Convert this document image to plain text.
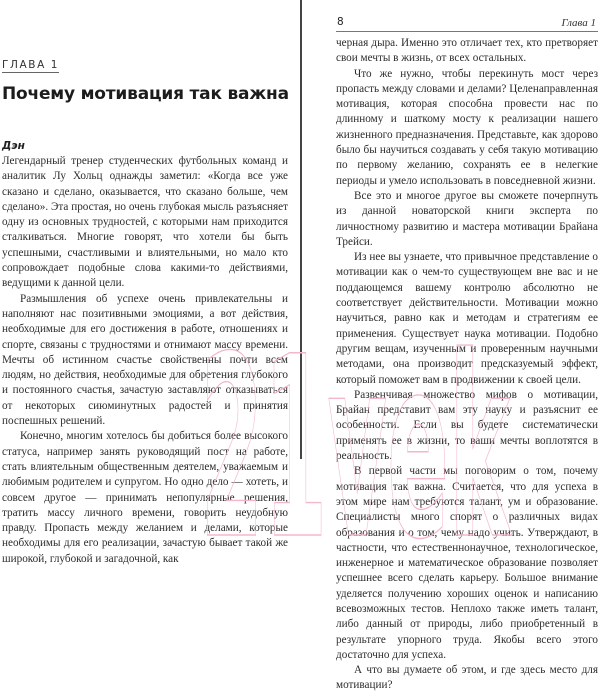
ГЛАВА 1
Почему мотивация так важна
Дэн

Легендарный тренер студенческих футбольных команд и аналитик Лу Хольц однажды заметил: «Когда все уже сказано и сделано, оказывается, что сказано больше, чем сделано». Эта простая, но очень глубокая мысль разъясняет одну из основных трудностей, с которыми нам приходится сталкиваться. Многие говорят, что хотели бы быть успешными, счастливыми и влиятельными, но мало кто сопровождает подобные слова какими-то действиями, ведущими к данной цели.

Размышления об успехе очень привлекательны и наполняют нас позитивными эмоциями, а вот действия, необходимые для его достижения в работе, отношениях и спорте, связаны с трудностями и отнимают массу времени. Мечты об истинном счастье свойственны почти всем людям, но действия, необходимые для обретения глубокого и постоянного счастья, зачастую заставляют отказываться от некоторых сиюминутных радостей и принятия поспешных решений.

Конечно, многим хотелось бы добиться более высокого статуса, например занять руководящий пост на работе, стать влиятельным общественным деятелем, уважаемым и любимым родителем и супругом. Но одно дело — хотеть, и совсем другое — принимать непопулярные решения, тратить массу личного времени, говорить неудобную правду. Пропасть между желанием и делами, которые необходимы для его реализации, зачастую бывает такой же широкой, глубокой и загадочной, как

8	Глава 1

черная дыра. Именно это отличает тех, кто претворяет свои мечты в жизнь, от всех остальных.

Что же нужно, чтобы перекинуть мост через пропасть между словами и делами? Целенаправленная мотивация, которая способна провести нас по длинному и шаткому мосту к реализации нашего жизненного предназначения. Представьте, как здорово было бы научиться создавать у себя такую мотивацию по первому желанию, сохранять ее в нелегкие периоды и умело использовать в повседневной жизни.

Все это и многое другое вы сможете почерпнуть из данной новаторской книги эксперта по личностному развитию и мастера мотивации Брайана Трейси.

Из нее вы узнаете, что привычное представление о мотивации как о чем-то существующем вне вас и не поддающемся вашему контролю абсолютно не соответствует действительности. Мотивации можно научиться, равно как и методам и стратегиям ее применения. Существует наука мотивации. Подобно другим вещам, изученным и проверенным научными методами, она производит предсказуемый эффект, который поможет вам в продвижении к своей цели.

Развенчивая множество мифов о мотивации, Брайан представит вам эту науку и разъяснит ее особенности. Если вы будете систематически применять ее в жизни, то ваши мечты воплотятся в реальность.

В первой части мы поговорим о том, почему мотивация так важна. Считается, что для успеха в этом мире нам требуются талант, ум и образование. Специалисты много спорят о различных видах образования и о том, чему надо учить. Утверждают, в частности, что естественнонаучное, технологическое, инженерное и математическое образование позволяет успешнее всего сделать карьеру. Большое внимание уделяется получению хороших оценок и написанию всевозможных тестов. Неплохо также иметь талант, либо данный от природы, либо приобретенный в результате упорного труда. Якобы всего этого достаточно для успеха.

А что вы думаете об этом, и где здесь место для мотивации?

21vek
